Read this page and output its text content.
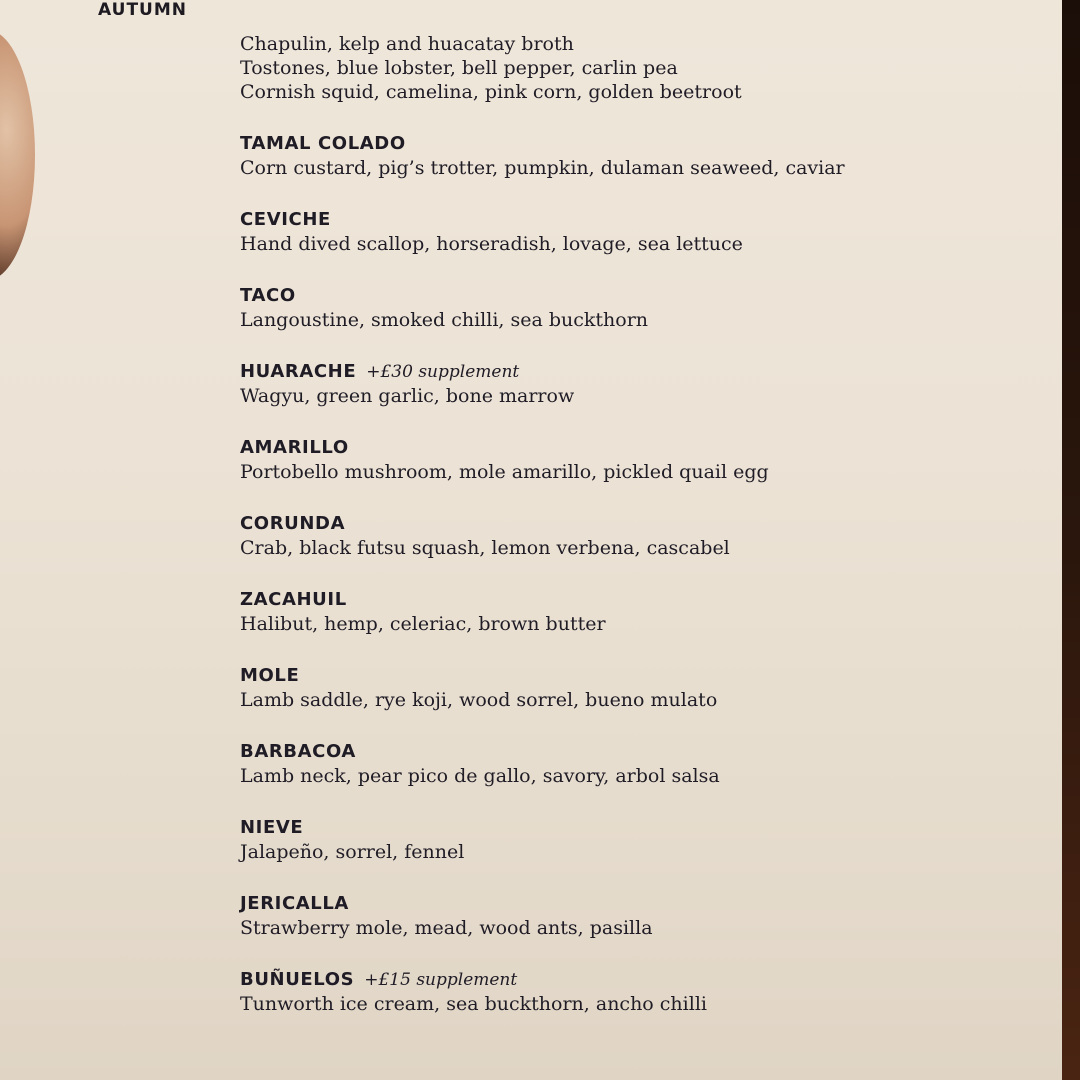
AUTUMN
Chapulin, kelp and huacatay broth
Tostones, blue lobster, bell pepper, carlin pea
Cornish squid, camelina, pink corn, golden beetroot
TAMAL COLADO
Corn custard, pig’s trotter, pumpkin, dulaman seaweed, caviar
CEVICHE
Hand dived scallop, horseradish, lovage, sea lettuce
TACO
Langoustine, smoked chilli, sea buckthorn
HUARACHE +£30 supplement
Wagyu, green garlic, bone marrow
AMARILLO
Portobello mushroom, mole amarillo, pickled quail egg
CORUNDA
Crab, black futsu squash, lemon verbena, cascabel
ZACAHUIL
Halibut, hemp, celeriac, brown butter
MOLE
Lamb saddle, rye koji, wood sorrel, bueno mulato
BARBACOA
Lamb neck, pear pico de gallo, savory, arbol salsa
NIEVE
Jalapeño, sorrel, fennel
JERICALLA
Strawberry mole, mead, wood ants, pasilla
BUÑUELOS +£15 supplement
Tunworth ice cream, sea buckthorn, ancho chilli
